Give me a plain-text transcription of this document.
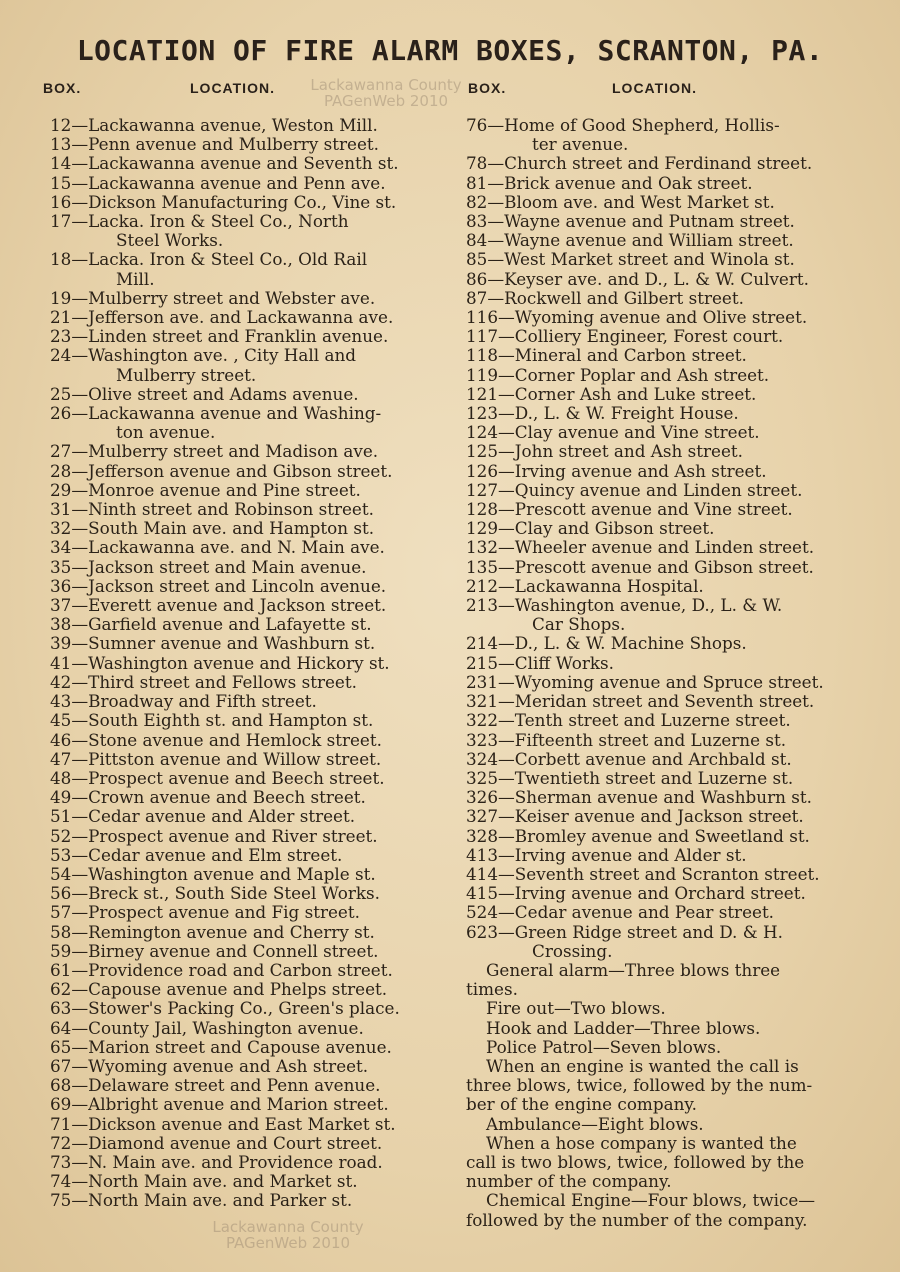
LOCATION OF FIRE ALARM BOXES, SCRANTON, PA.
BOX.	LOCATION.	BOX.	LOCATION.
Lackawanna County
PAGenWeb 2010
12—Lackawanna avenue, Weston Mill.
13—Penn avenue and Mulberry street.
14—Lackawanna avenue and Seventh st.
15—Lackawanna avenue and Penn ave.
16—Dickson Manufacturing Co., Vine st.
17—Lacka. Iron & Steel Co., North
Steel Works.
18—Lacka. Iron & Steel Co., Old Rail
Mill.
19—Mulberry street and Webster ave.
21—Jefferson ave. and Lackawanna ave.
23—Linden street and Franklin avenue.
24—Washington ave. , City Hall and
Mulberry street.
25—Olive street and Adams avenue.
26—Lackawanna avenue and Washing-
ton avenue.
27—Mulberry street and Madison ave.
28—Jefferson avenue and Gibson street.
29—Monroe avenue and Pine street.
31—Ninth street and Robinson street.
32—South Main ave. and Hampton st.
34—Lackawanna ave. and N. Main ave.
35—Jackson street and Main avenue.
36—Jackson street and Lincoln avenue.
37—Everett avenue and Jackson street.
38—Garfield avenue and Lafayette st.
39—Sumner avenue and Washburn st.
41—Washington avenue and Hickory st.
42—Third street and Fellows street.
43—Broadway and Fifth street.
45—South Eighth st. and Hampton st.
46—Stone avenue and Hemlock street.
47—Pittston avenue and Willow street.
48—Prospect avenue and Beech street.
49—Crown avenue and Beech street.
51—Cedar avenue and Alder street.
52—Prospect avenue and River street.
53—Cedar avenue and Elm street.
54—Washington avenue and Maple st.
56—Breck st., South Side Steel Works.
57—Prospect avenue and Fig street.
58—Remington avenue and Cherry st.
59—Birney avenue and Connell street.
61—Providence road and Carbon street.
62—Capouse avenue and Phelps street.
63—Stower's Packing Co., Green's place.
64—County Jail, Washington avenue.
65—Marion street and Capouse avenue.
67—Wyoming avenue and Ash street.
68—Delaware street and Penn avenue.
69—Albright avenue and Marion street.
71—Dickson avenue and East Market st.
72—Diamond avenue and Court street.
73—N. Main ave. and Providence road.
74—North Main ave. and Market st.
75—North Main ave. and Parker st.
76—Home of Good Shepherd, Hollis-
ter avenue.
78—Church street and Ferdinand street.
81—Brick avenue and Oak street.
82—Bloom ave. and West Market st.
83—Wayne avenue and Putnam street.
84—Wayne avenue and William street.
85—West Market street and Winola st.
86—Keyser ave. and D., L. & W. Culvert.
87—Rockwell and Gilbert street.
116—Wyoming avenue and Olive street.
117—Colliery Engineer, Forest court.
118—Mineral and Carbon street.
119—Corner Poplar and Ash street.
121—Corner Ash and Luke street.
123—D., L. & W. Freight House.
124—Clay avenue and Vine street.
125—John street and Ash street.
126—Irving avenue and Ash street.
127—Quincy avenue and Linden street.
128—Prescott avenue and Vine street.
129—Clay and Gibson street.
132—Wheeler avenue and Linden street.
135—Prescott avenue and Gibson street.
212—Lackawanna Hospital.
213—Washington avenue, D., L. & W.
Car Shops.
214—D., L. & W. Machine Shops.
215—Cliff Works.
231—Wyoming avenue and Spruce street.
321—Meridan street and Seventh street.
322—Tenth street and Luzerne street.
323—Fifteenth street and Luzerne st.
324—Corbett avenue and Archbald st.
325—Twentieth street and Luzerne st.
326—Sherman avenue and Washburn st.
327—Keiser avenue and Jackson street.
328—Bromley avenue and Sweetland st.
413—Irving avenue and Alder st.
414—Seventh street and Scranton street.
415—Irving avenue and Orchard street.
524—Cedar avenue and Pear street.
623—Green Ridge street and D. & H.
Crossing.
General alarm—Three blows three
times.
Fire out—Two blows.
Hook and Ladder—Three blows.
Police Patrol—Seven blows.
When an engine is wanted the call is
three blows, twice, followed by the num-
ber of the engine company.
Ambulance—Eight blows.
When a hose company is wanted the
call is two blows, twice, followed by the
number of the company.
Chemical Engine—Four blows, twice—
followed by the number of the company.
Lackawanna County
PAGenWeb 2010
